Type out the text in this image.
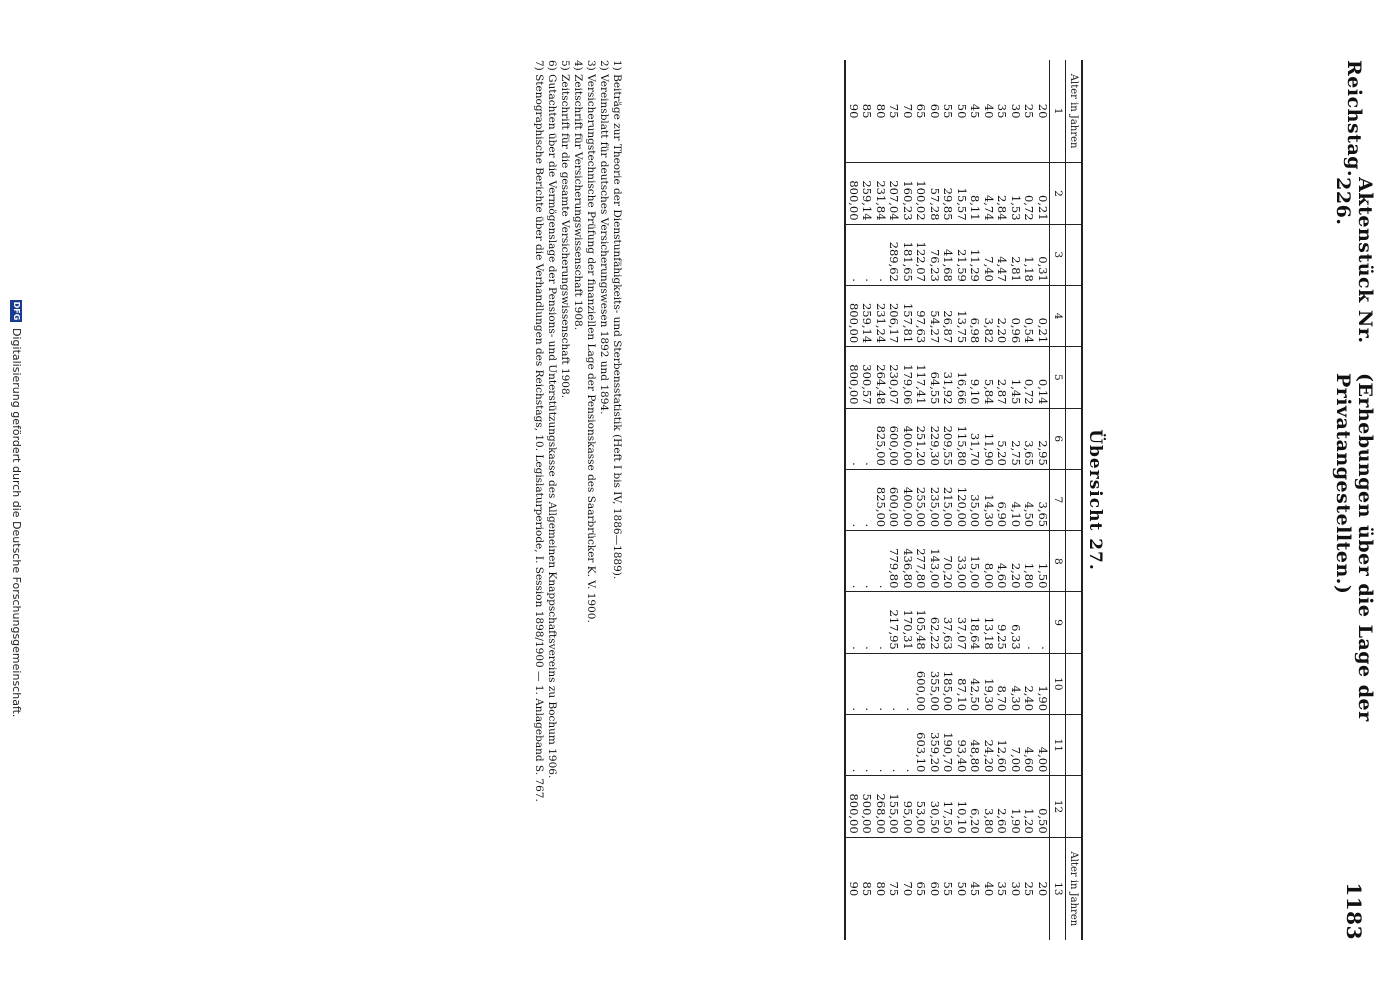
Reichstag.
Aktenstück Nr. 226.
(Erhebungen über die Lage der Privatangestellten.)
1183
Übersicht 27.
Alter in Jahren												Alter in Jahren
1	2	3	4	5	6	7	8	9	10	11	12	13
20	0,21	0,31	0,21	0,14	2,95	3,65	1,50	·	1,90	4,00	0,50	20
25	0,72	1,18	0,54	0,72	3,65	4,50	1,80	·	2,40	4,60	1,20	25
30	1,53	2,81	0,96	1,45	2,75	4,10	2,20	6,33	4,30	7,00	1,90	30
35	2,84	4,47	2,20	2,87	5,20	6,90	4,60	9,25	8,70	12,60	2,60	35
40	4,74	7,40	3,82	5,84	11,90	14,30	8,00	13,18	19,30	24,20	3,80	40
45	8,11	11,29	6,98	9,10	31,70	35,00	15,00	18,64	42,50	48,80	6,20	45
50	15,57	21,59	13,75	16,66	115,80	120,00	33,00	37,07	87,10	93,40	10,10	50
55	29,85	41,68	26,87	31,92	209,55	215,00	70,20	37,63	185,00	190,70	17,50	55
60	57,28	76,23	54,27	64,55	229,30	235,00	143,00	62,22	355,00	359,20	30,50	60
65	100,02	122,07	97,63	117,41	251,20	255,00	277,80	105,48	600,00	603,10	53,00	65
70	160,23	181,65	157,81	179,06	400,00	400,00	436,80	170,31	·	·	95,00	70
75	207,04	289,62	206,17	230,07	600,00	600,00	779,80	217,95	·	·	155,00	75
80	231,84	·	231,24	264,48	825,00	825,00	·	·	·	·	268,00	80
85	259,14	·	259,14	300,57	·	·	·	·	·	·	500,00	85
90	800,00	·	800,00	800,00	·	·	·	·	·	·	800,00	90

1) Beiträge zur Theorie der Dienstunfähigkeits- und Sterbensstatistik (Heft I bis IV, 1886—1889).

2) Vereinsblatt für deutsches Versicherungswesen 1892 und 1894.

3) Versicherungstechnische Prüfung der finanziellen Lage der Pensionskasse des Saarbrücker K. V. 1900.

4) Zeitschrift für Versicherungswissenschaft 1908.

5) Zeitschrift für die gesamte Versicherungswissenschaft 1908.

6) Gutachten über die Vermögenslage der Pensions- und Unterstützungskasse des Allgemeinen Knappschaftsvereins zu Bochum 1906.

7) Stenographische Berichte über die Verhandlungen des Reichstags, 10. Legislaturperiode, I. Session 1898/1900 — 1. Anlageband S. 767.

DFG
Digitalisierung gefördert durch die Deutsche Forschungsgemeinschaft.
